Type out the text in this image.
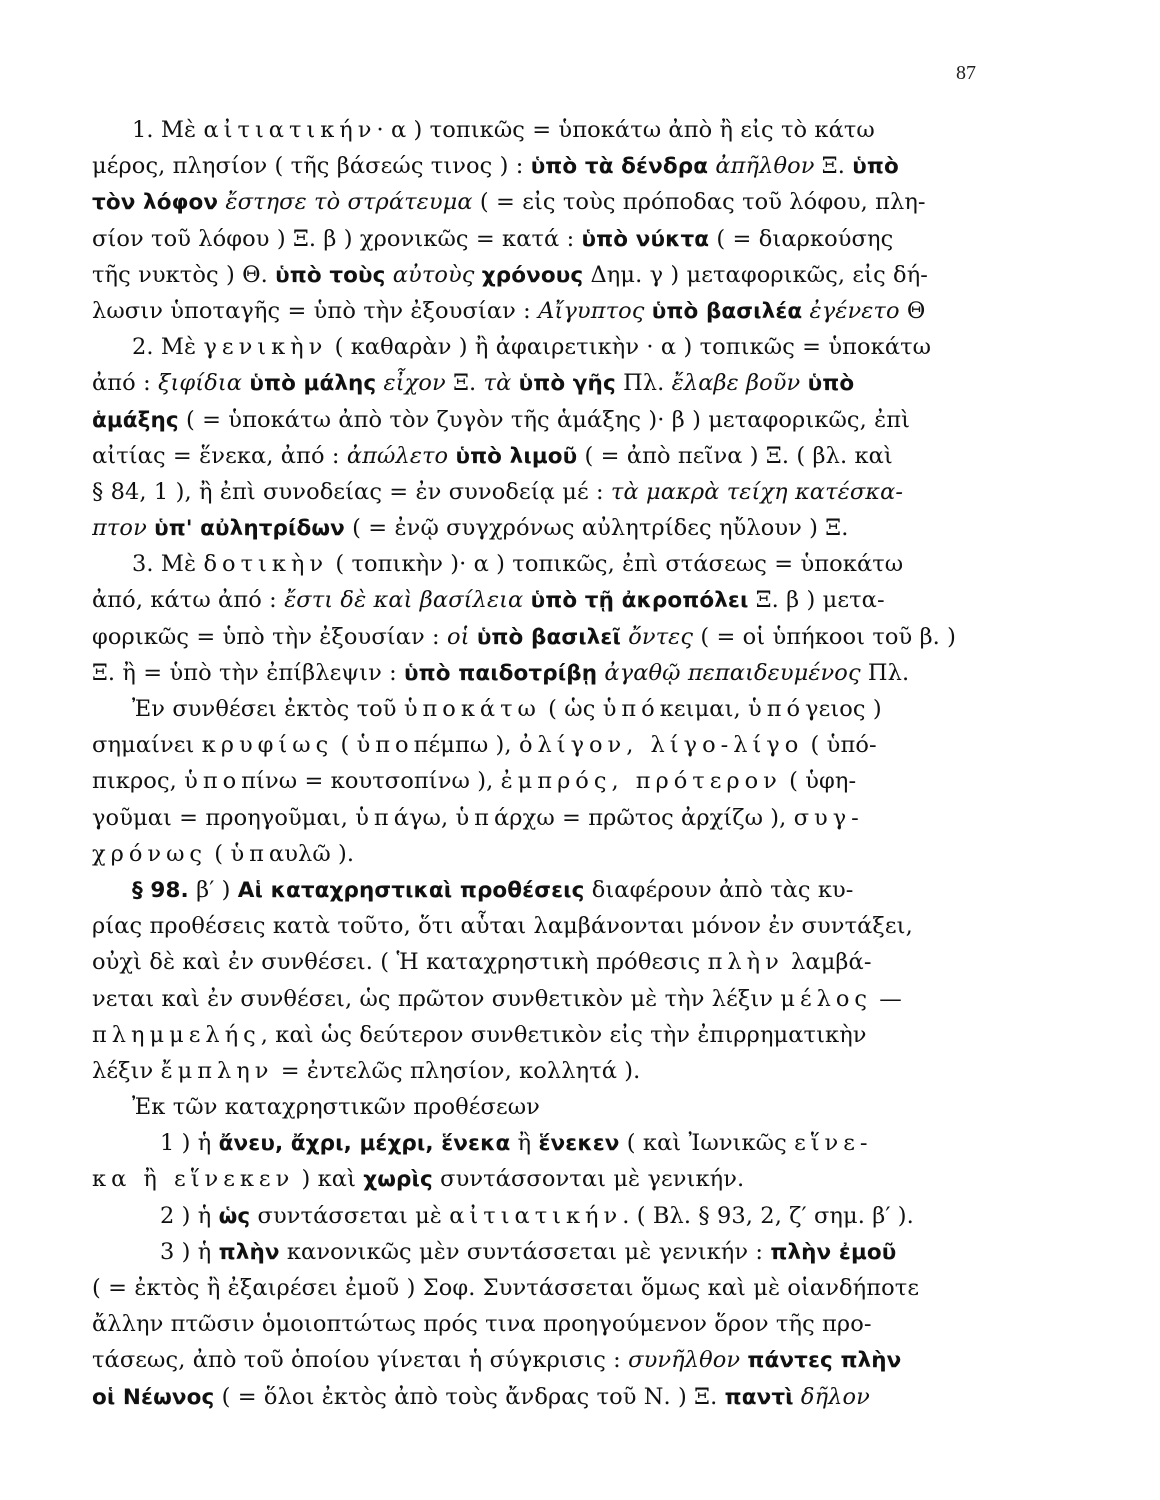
87
1. Μὲ αἰτιατικήν· α ) τοπικῶς = ὑποκάτω ἀπὸ ἢ εἰς τὸ κάτω
μέρος, πλησίον ( τῆς βάσεώς τινος ) : ὑπὸ τὰ δένδρα ἀπῆλθον Ξ. ὑπὸ
τὸν λόφον ἔστησε τὸ στράτευμα ( = εἰς τοὺς πρόποδας τοῦ λόφου, πλη-
σίον τοῦ λόφου ) Ξ. β ) χρονικῶς = κατά : ὑπὸ νύκτα ( = διαρκούσης
τῆς νυκτὸς ) Θ. ὑπὸ τοὺς αὐτοὺς χρόνους Δημ. γ ) μεταφορικῶς, εἰς δή-
λωσιν ὑποταγῆς = ὑπὸ τὴν ἐξουσίαν : Αἴγυπτος ὑπὸ βασιλέα ἐγένετο Θ
2. Μὲ γενικὴν ( καθαρὰν ) ἢ ἀφαιρετικὴν · α ) τοπικῶς = ὑποκάτω
ἀπό : ξιφίδια ὑπὸ μάλης εἶχον Ξ. τὰ ὑπὸ γῆς Πλ. ἔλαβε βοῦν ὑπὸ
ἁμάξης ( = ὑποκάτω ἀπὸ τὸν ζυγὸν τῆς ἁμάξης )· β ) μεταφορικῶς, ἐπὶ
αἰτίας = ἕνεκα, ἀπό : ἀπώλετο ὑπὸ λιμοῦ ( = ἀπὸ πεῖνα ) Ξ. ( βλ. καὶ
§ 84, 1 ), ἢ ἐπὶ συνοδείας = ἐν συνοδείᾳ μέ : τὰ μακρὰ τείχη κατέσκα-
πτον ὑπ' αὐλητρίδων ( = ἐνῷ συγχρόνως αὐλητρίδες ηὔλουν ) Ξ.
3. Μὲ δοτικὴν ( τοπικὴν )· α ) τοπικῶς, ἐπὶ στάσεως = ὑποκάτω
ἀπό, κάτω ἀπό : ἔστι δὲ καὶ βασίλεια ὑπὸ τῇ ἀκροπόλει Ξ. β ) μετα-
φορικῶς = ὑπὸ τὴν ἐξουσίαν : οἱ ὑπὸ βασιλεῖ ὄντες ( = οἱ ὑπήκοοι τοῦ β. )
Ξ. ἢ = ὑπὸ τὴν ἐπίβλεψιν : ὑπὸ παιδοτρίβῃ ἀγαθῷ πεπαιδευμένος Πλ.
Ἐν συνθέσει ἐκτὸς τοῦ ὑποκάτω ( ὡς ὑπόκειμαι, ὑπόγειος )
σημαίνει κρυφίως ( ὑποπέμπω ), ὀλίγον, λίγο-λίγο ( ὑπό-
πικρος, ὑποπίνω = κουτσοπίνω ), ἐμπρός, πρότερον ( ὑφη-
γοῦμαι = προηγοῦμαι, ὑπάγω, ὑπάρχω = πρῶτος ἀρχίζω ), συγ-
χρόνως ( ὑπαυλῶ ).
§ 98. β′ ) Αἱ καταχρηστικαὶ προθέσεις διαφέρουν ἀπὸ τὰς κυ-
ρίας προθέσεις κατὰ τοῦτο, ὅτι αὗται λαμβάνονται μόνον ἐν συντάξει,
οὐχὶ δὲ καὶ ἐν συνθέσει. ( Ἡ καταχρηστικὴ πρόθεσις πλὴν λαμβά-
νεται καὶ ἐν συνθέσει, ὡς πρῶτον συνθετικὸν μὲ τὴν λέξιν μέλος —
πλημμελής, καὶ ὡς δεύτερον συνθετικὸν εἰς τὴν ἐπιρρηματικὴν
λέξιν ἔμπλην = ἐντελῶς πλησίον, κολλητά ).
Ἐκ τῶν καταχρηστικῶν προθέσεων
1 ) ἡ ἄνευ, ἄχρι, μέχρι, ἕνεκα ἢ ἕνεκεν ( καὶ Ἰωνικῶς εἵνε-
κα ἢ εἵνεκεν ) καὶ χωρὶς συντάσσονται μὲ γενικήν.
2 ) ἡ ὡς συντάσσεται μὲ αἰτιατικήν. ( Βλ. § 93, 2, ζ′ σημ. β′ ).
3 ) ἡ πλὴν κανονικῶς μὲν συντάσσεται μὲ γενικήν : πλὴν ἐμοῦ
( = ἐκτὸς ἢ ἐξαιρέσει ἐμοῦ ) Σοφ. Συντάσσεται ὅμως καὶ μὲ οἱανδήποτε
ἄλλην πτῶσιν ὁμοιοπτώτως πρός τινα προηγούμενον ὅρον τῆς προ-
τάσεως, ἀπὸ τοῦ ὁποίου γίνεται ἡ σύγκρισις : συνῆλθον πάντες πλὴν
οἱ Νέωνος ( = ὅλοι ἐκτὸς ἀπὸ τοὺς ἄνδρας τοῦ Ν. ) Ξ. παντὶ δῆλον
